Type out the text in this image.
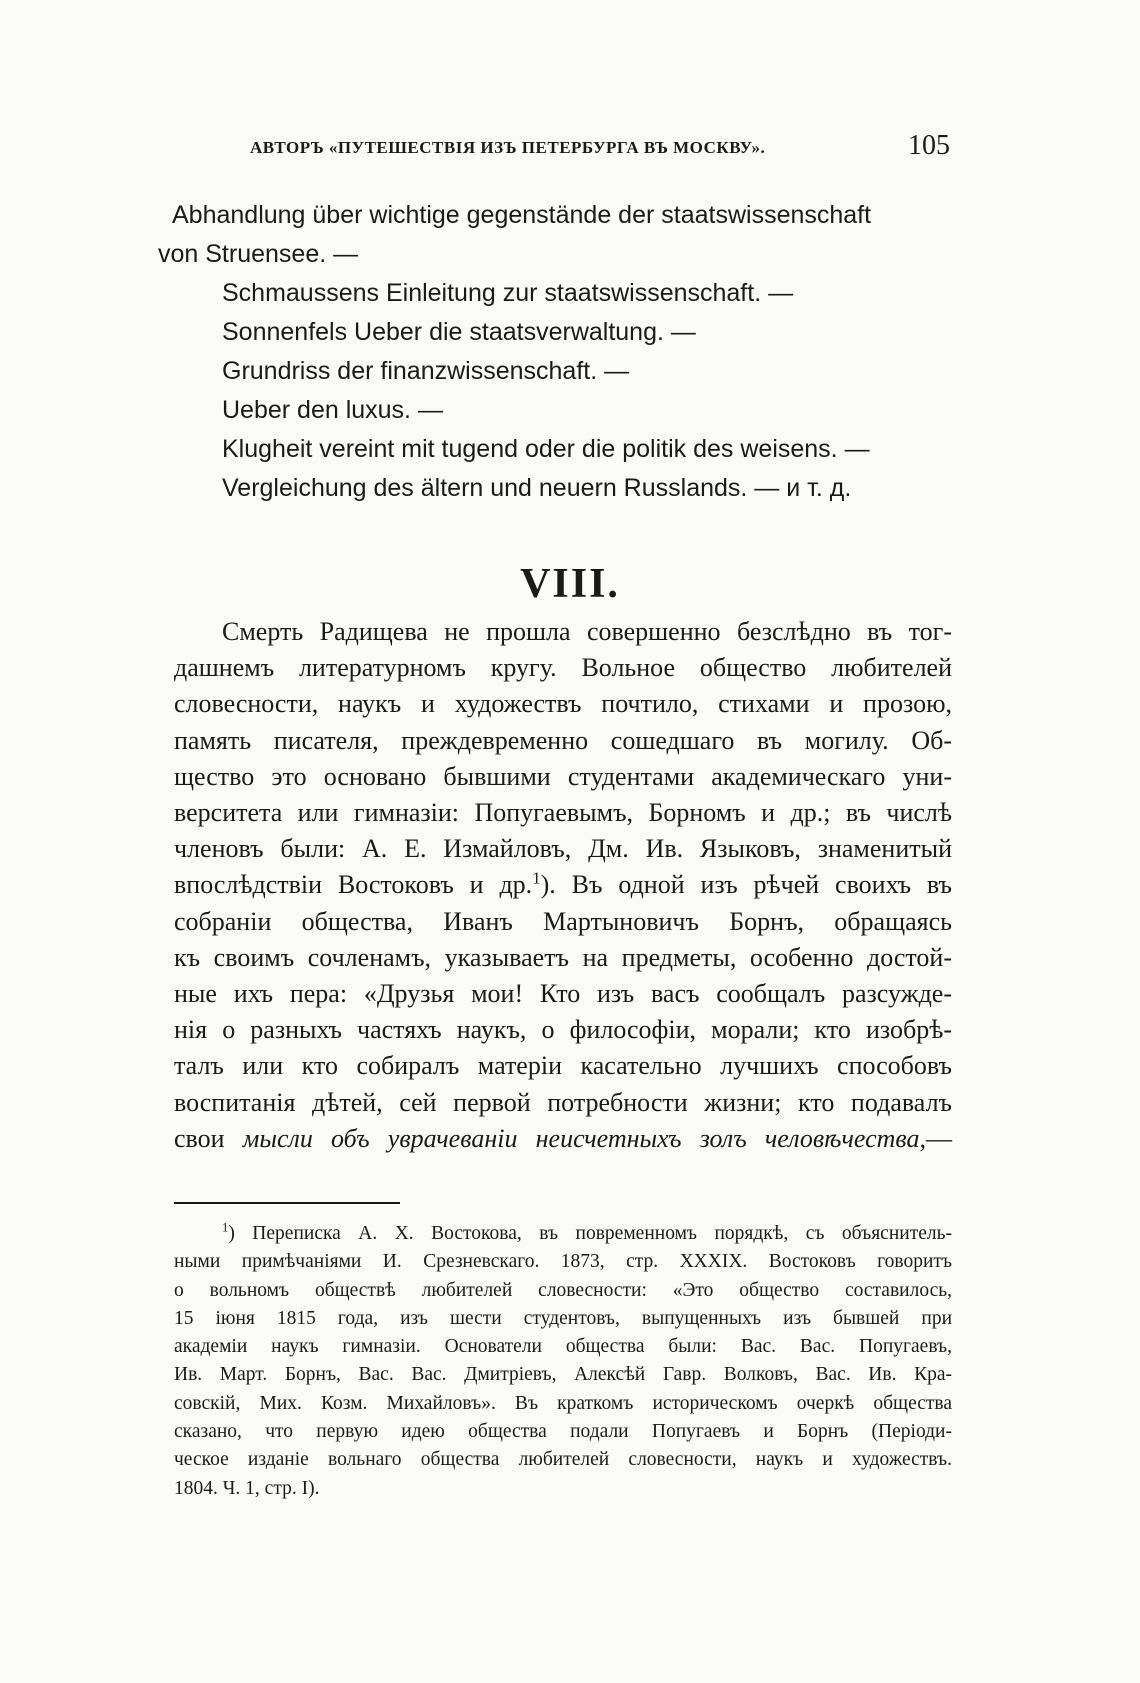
АВТОРЪ «ПУТЕШЕСТВІЯ ИЗЪ ПЕТЕРБУРГА ВЪ МОСКВУ».	105
Abhandlung über wichtige gegenstände der staatswissenschaft
von Struensee. —
Schmaussens Einleitung zur staatswissenschaft. —
Sonnenfels Ueber die staatsverwaltung. —
Grundriss der finanzwissenschaft. —
Ueber den luxus. —
Klugheit vereint mit tugend oder die politik des weisens. —
Vergleichung des ältern und neuern Russlands. — и т. д.
VIII.
Смерть Радищева не прошла совершенно безслѣдно въ тог-
дашнемъ литературномъ кругу. Вольное общество любителей
словесности, наукъ и художествъ почтило, стихами и прозою,
память писателя, преждевременно сошедшаго въ могилу. Об-
щество это основано бывшими студентами академическаго уни-
верситета или гимназіи: Попугаевымъ, Борномъ и др.; въ числѣ
членовъ были: А. Е. Измайловъ, Дм. Ив. Языковъ, знаменитый
впослѣдствіи Востоковъ и др.$^1$). Въ одной изъ рѣчей своихъ въ
собраніи общества, Иванъ Мартыновичъ Борнъ, обращаясь
къ своимъ сочленамъ, указываетъ на предметы, особенно достой-
ные ихъ пера: «Друзья мои! Кто изъ васъ сообщалъ разсужде-
нія о разныхъ частяхъ наукъ, о философіи, морали; кто изобрѣ-
талъ или кто собиралъ матеріи касательно лучшихъ способовъ
воспитанія дѣтей, сей первой потребности жизни; кто подавалъ
свои мысли объ уврачеваніи неисчетныхъ золъ человѣчества,—
$^1$) Переписка А. Х. Востокова, въ повременномъ порядкѣ, съ объяснитель-
ными примѣчаніями И. Срезневскаго. 1873, стр. XXXIX. Востоковъ говоритъ
о вольномъ обществѣ любителей словесности: «Это общество составилось,
15 іюня 1815 года, изъ шести студентовъ, выпущенныхъ изъ бывшей при
академіи наукъ гимназіи. Основатели общества были: Вас. Вас. Попугаевъ,
Ив. Март. Борнъ, Вас. Вас. Дмитріевъ, Алексѣй Гавр. Волковъ, Вас. Ив. Кра-
совскій, Мих. Козм. Михайловъ». Въ краткомъ историческомъ очеркѣ общества
сказано, что первую идею общества подали Попугаевъ и Борнъ (Періоди-
ческое изданіе вольнаго общества любителей словесности, наукъ и художествъ.
1804. Ч. 1, стр. I).
